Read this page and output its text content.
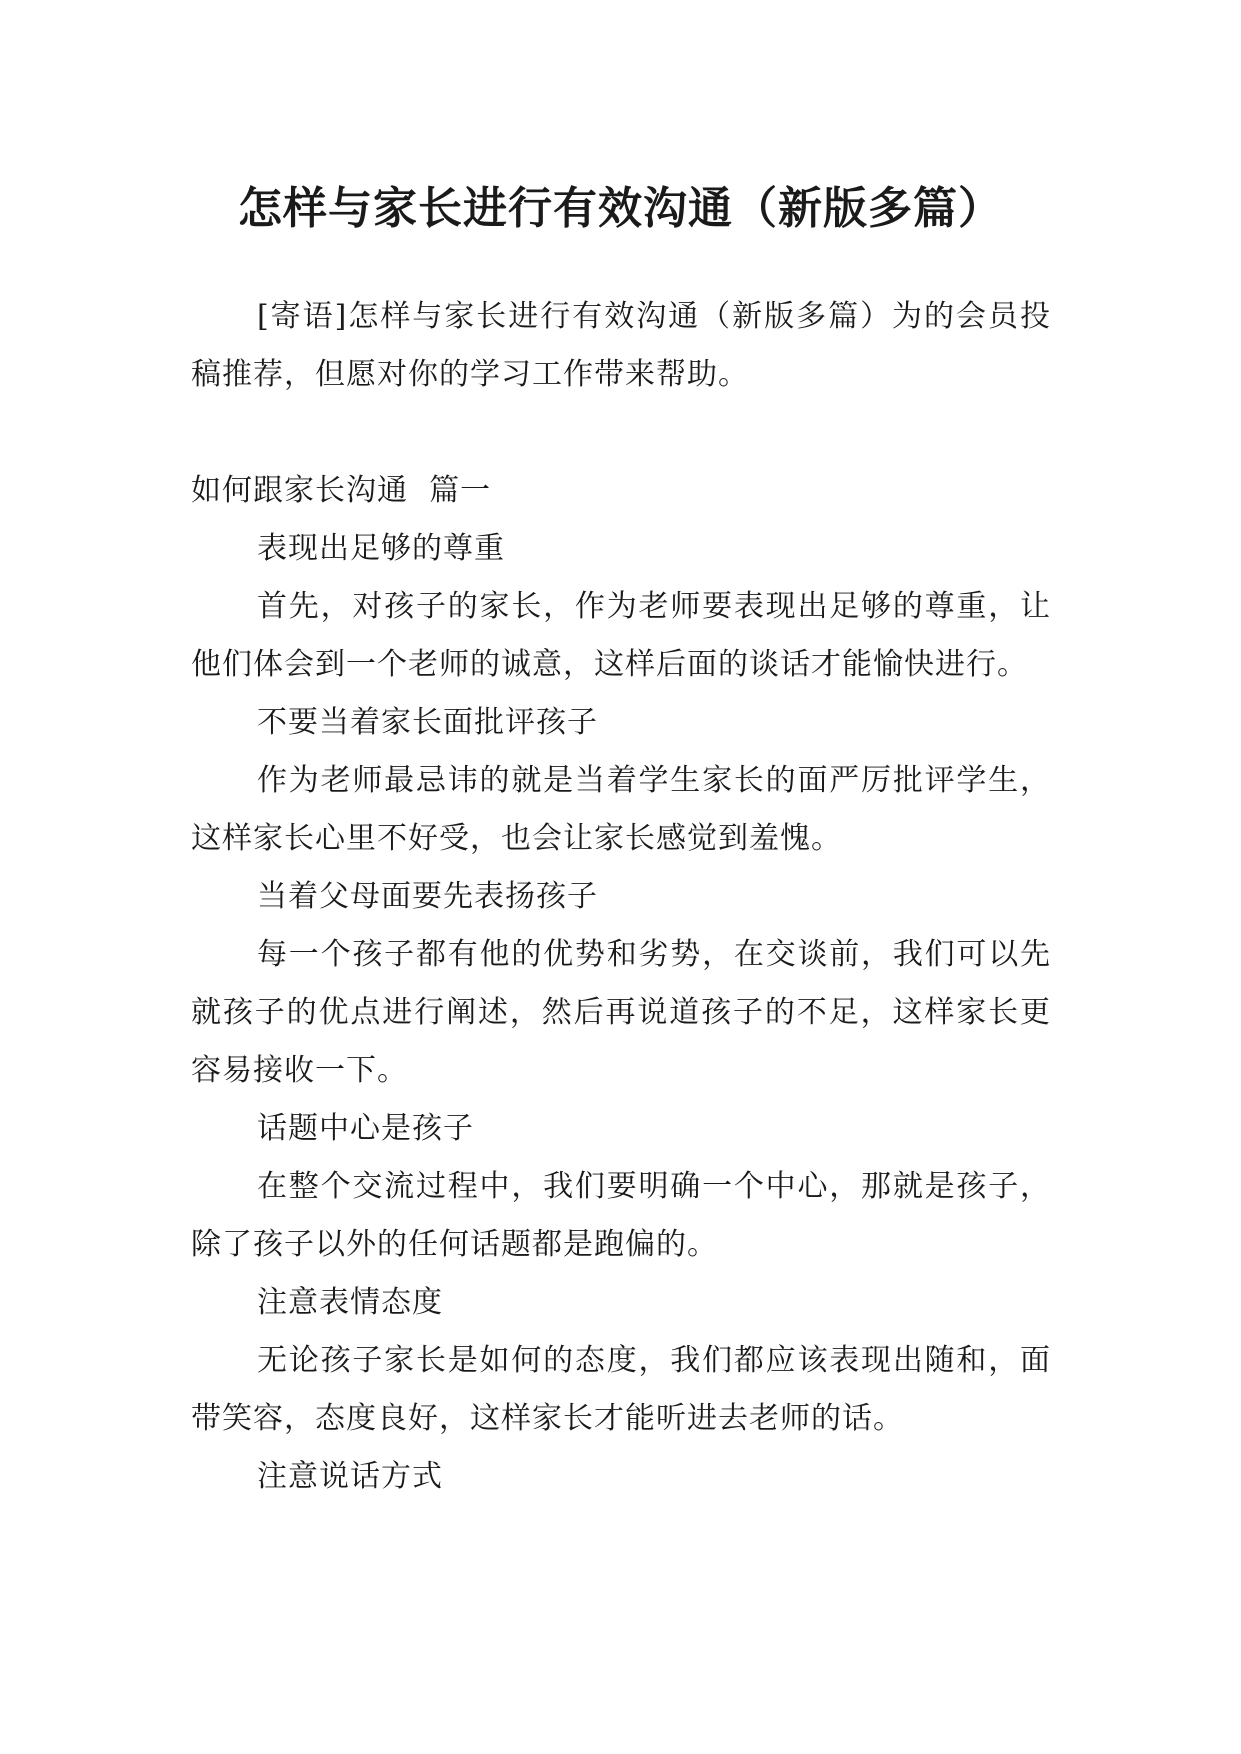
怎样与家长进行有效沟通（新版多篇）

[寄语]怎样与家长进行有效沟通（新版多篇）为的会员投稿推荐，但愿对你的学习工作带来帮助。

如何跟家长沟通  篇一

表现出足够的尊重

首先，对孩子的家长，作为老师要表现出足够的尊重，让他们体会到一个老师的诚意，这样后面的谈话才能愉快进行。

不要当着家长面批评孩子

作为老师最忌讳的就是当着学生家长的面严厉批评学生，这样家长心里不好受，也会让家长感觉到羞愧。

当着父母面要先表扬孩子

每一个孩子都有他的优势和劣势，在交谈前，我们可以先就孩子的优点进行阐述，然后再说道孩子的不足，这样家长更容易接收一下。

话题中心是孩子

在整个交流过程中，我们要明确一个中心，那就是孩子，除了孩子以外的任何话题都是跑偏的。

注意表情态度

无论孩子家长是如何的态度，我们都应该表现出随和，面带笑容，态度良好，这样家长才能听进去老师的话。

注意说话方式
